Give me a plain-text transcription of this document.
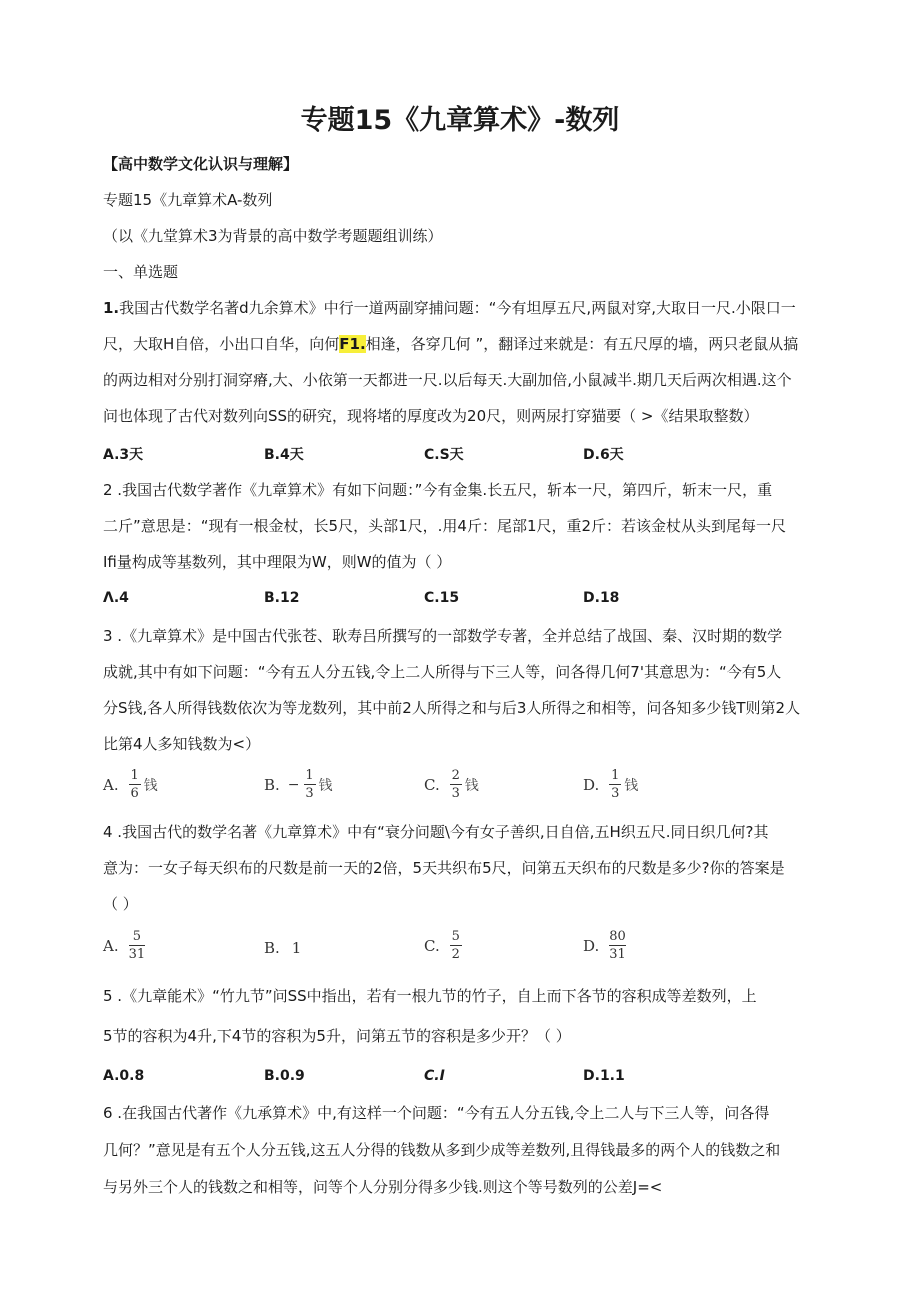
专题15《九章算术》-数列
【高中数学文化认识与理解】
专题15《九章算术A-数列
（以《九堂算术3为背景的高中数学考题题组训练）
一、单选题
1.我国古代数学名著d九余算术》中行一道两副穿捕问题：“今有坦厚五尺,两鼠对穿,大取日一尺.小限口一
尺，大取H自倍，小出口自华，向何F1.相逢，各穿几何 ”，翻译过来就是：有五尺厚的墙，两只老鼠从搞
的两边相对分别打洞穿瘠,大、小依第一天都进一尺.以后每天.大副加倍,小鼠减半.期几天后两次相遇.这个
问也体现了古代对数列向SS的研究，现将堵的厚度改为20尺，则两尿打穿猫要（ >《结果取整数）
A.3天	B.4天	C.S天	D.6天
2 .我国古代数学著作《九章算术》有如下问题：”今有金集.长五尺，斩本一尺，第四斤，斩末一尺，重
二斤”意思是：“现有一根金杖，长5尺，头部1尺，.用4斤：尾部1尺，重2斤：若该金杖从头到尾每一尺
Ifi量构成等基数列，其中理限为W，则W的值为（ ）
Λ.4	B.12	C.15	D.18
3 .《九章算术》是中国古代张苍、耿寿吕所撰写的一部数学专著，全并总结了战国、秦、汉时期的数学
成就,其中有如下问题：“今有五人分五钱,令上二人所得与下三人等，问各得几何7'其意思为：“今有5人
分S钱,各人所得钱数依次为等龙数列，其中前2人所得之和与后3人所得之和相等，问各知多少钱T则第2人
比第4人多知钱数为<）
A. $\frac{1}{6}$ 钱	B. − $\frac{1}{3}$ 钱	C. $\frac{2}{3}$ 钱	D. $\frac{1}{3}$ 钱
4 .我国古代的数学名著《九章算术》中有“衰分问题\今有女子善织,日自倍,五H织五尺.同日织几何?其
意为：一女子每天织布的尺数是前一天的2倍，5天共织布5尺，问第五天织布的尺数是多少?你的答案是
（ ）
A. $\frac{5}{31}$	B. 1	C. $\frac{5}{2}$	D. $\frac{80}{31}$
5 .《九章能术》“竹九节”问SS中指出，若有一根九节的竹子，自上而下各节的容积成等差数列，上
5节的容积为4升,下4节的容积为5升，问第五节的容积是多少开？（ ）
A.0.8	B.0.9	C.I	D.1.1
6 .在我国古代著作《九承算术》中,有这样一个问题：“今有五人分五钱,令上二人与下三人等，问各得
几何？”意见是有五个人分五钱,这五人分得的钱数从多到少成等差数列,且得钱最多的两个人的钱数之和
与另外三个人的钱数之和相等，问等个人分别分得多少钱.则这个等号数列的公差J=<
